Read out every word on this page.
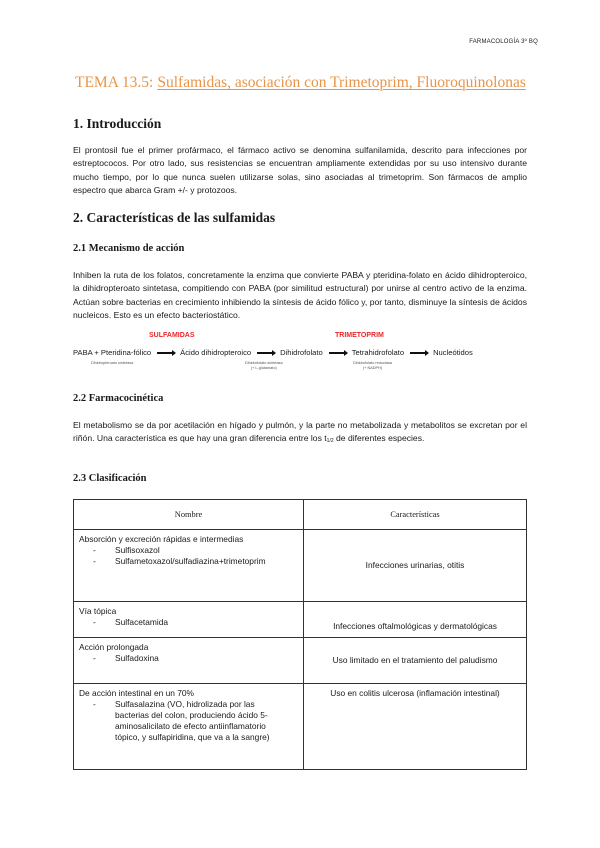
FARMACOLOGÍA 3º BQ
TEMA 13.5: Sulfamidas, asociación con Trimetoprim, Fluoroquinolonas
1. Introducción
El prontosil fue el primer profármaco, el fármaco activo se denomina sulfanilamida, descrito para infecciones por estreptococos. Por otro lado, sus resistencias se encuentran ampliamente extendidas por su uso intensivo durante mucho tiempo, por lo que nunca suelen utilizarse solas, sino asociadas al trimetoprim. Son fármacos de amplio espectro que abarca Gram +/- y protozoos.
2. Características de las sulfamidas
2.1 Mecanismo de acción
Inhiben la ruta de los folatos, concretamente la enzima que convierte PABA y pteridina-folato en ácido dihidropteroico, la dihidropteroato sintetasa, compitiendo con PABA (por similitud estructural) por unirse al centro activo de la enzima. Actúan sobre bacterias en crecimiento inhibiendo la síntesis de ácido fólico y, por tanto, disminuye la síntesis de ácidos nucleicos. Esto es un efecto bacteriostático.
SULFAMIDAS	TRIMETOPRIM
PABA + Pteridina-fólico	Ácido dihidropteroico	Dihidrofolato	Tetrahidrofolato	Nucleótidos
Dihidropteroato sintetasa	Dihidrofolato sintetasa
(+ L-glutamato)
Dihidrofolato reductasa
(+ NADPH)
2.2 Farmacocinética
El metabolismo se da por acetilación en hígado y pulmón, y la parte no metabolizada y metabolitos se excretan por el riñón. Una característica es que hay una gran diferencia entre los $t_{1/2}$ de diferentes especies.
2.3 Clasificación
Nombre	Características

Absorción y excreción rápidas e intermedias
- Sulfisoxazol
- Sulfametoxazol/sulfadiazina+trimetoprim	Infecciones urinarias, otitis

Vía tópica
- Sulfacetamida	Infecciones oftalmológicas y dermatológicas

Acción prolongada
- Sulfadoxina	Uso limitado en el tratamiento del paludismo

De acción intestinal en un 70%
- Sulfasalazina (VO, hidrolizada por las bacterias del colon, produciendo ácido 5-aminosalicilato de efecto antiinflamatorio tópico, y sulfapiridina, que va a la sangre)
	Uso en colitis ulcerosa (inflamación intestinal)
